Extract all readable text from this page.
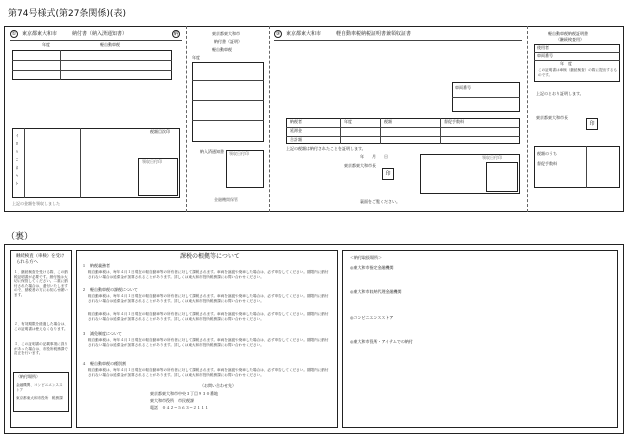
第74号様式(第27条関係)(表)
①	東京都東大和市	納付書（納入済通知書）	納
年度	軽自動車税
税額目次印
ｲ
ﾛ
ﾊ
ﾆ
ﾎ
ﾍ
ﾄ
領収日付印
上記の金額を領収しました
東京都東大和市
納付書（証明）
軽自動車税
年度
納入済通知書 領収日付印
金融機関保管
③	東京都東大和市	軽自動車税納税証明書兼領収証書
車両番号
納税者	年度	税額	督促手数料
延滞金
合計額
上記の税額は納付されたことを証明します。
年　　月　　日
東京都東大和市長
印
領収日付印
裏面をご覧ください。
軽自動車税納税証明書
（継続検査用）
使用者
車両番号
年　度
この証明書は車検（継続検査）の際に提出するものです。
上記のとおり証明します。
東京都東大和市長
印
税額のうち
督促手数料
（裏）
継続検査（車検）を受けられる方へ
１．継続検査を受ける際、この納税証明書が必要です。納付後は大切に保管してください。二重に納付された場合は、還付いたしますので、納税者の方にお知らせ願います。
２．有効期限を経過した場合は、この証明書は使えなくなります。
３．この証明書の記載事項に誤りがあった場合は、市役所税務課で訂正を行います。
〈納付場所〉
金融機関、コンビニエンスストア
東京都東大和市役所　税務課
課税の根拠等について
１　納税義務者
軽自動車税は、毎年４月１日現在の軽自動車等の所有者に対して課税されます。車両を譲渡や廃車した場合は、必ず申告してください。期限内に納付されない場合は延滞金が加算されることがあります。詳しくは東大和市役所税務課にお問い合わせください。
２　軽自動車税の課税について
軽自動車税は、毎年４月１日現在の軽自動車等の所有者に対して課税されます。車両を譲渡や廃車した場合は、必ず申告してください。期限内に納付されない場合は延滞金が加算されることがあります。詳しくは東大和市役所税務課にお問い合わせください。
軽自動車税は、毎年４月１日現在の軽自動車等の所有者に対して課税されます。車両を譲渡や廃車した場合は、必ず申告してください。期限内に納付されない場合は延滞金が加算されることがあります。詳しくは東大和市役所税務課にお問い合わせください。
３　減免制度について
軽自動車税は、毎年４月１日現在の軽自動車等の所有者に対して課税されます。車両を譲渡や廃車した場合は、必ず申告してください。期限内に納付されない場合は延滞金が加算されることがあります。詳しくは東大和市役所税務課にお問い合わせください。
４　軽自動車税の種別割
軽自動車税は、毎年４月１日現在の軽自動車等の所有者に対して課税されます。車両を譲渡や廃車した場合は、必ず申告してください。期限内に納付されない場合は延滞金が加算されることがあります。詳しくは東大和市役所税務課にお問い合わせください。
（お問い合わせ先）
東京都東大和市中央３丁目９３０番地
東大和市役所　市民税課
電話　０４２−５６３−２１１１
＜納付取扱場所＞
◎東大和市指定金融機関
◎東大和市収納代理金融機関
◎コンビニエンスストア
◎東大和市役所・アイテムでの納付
